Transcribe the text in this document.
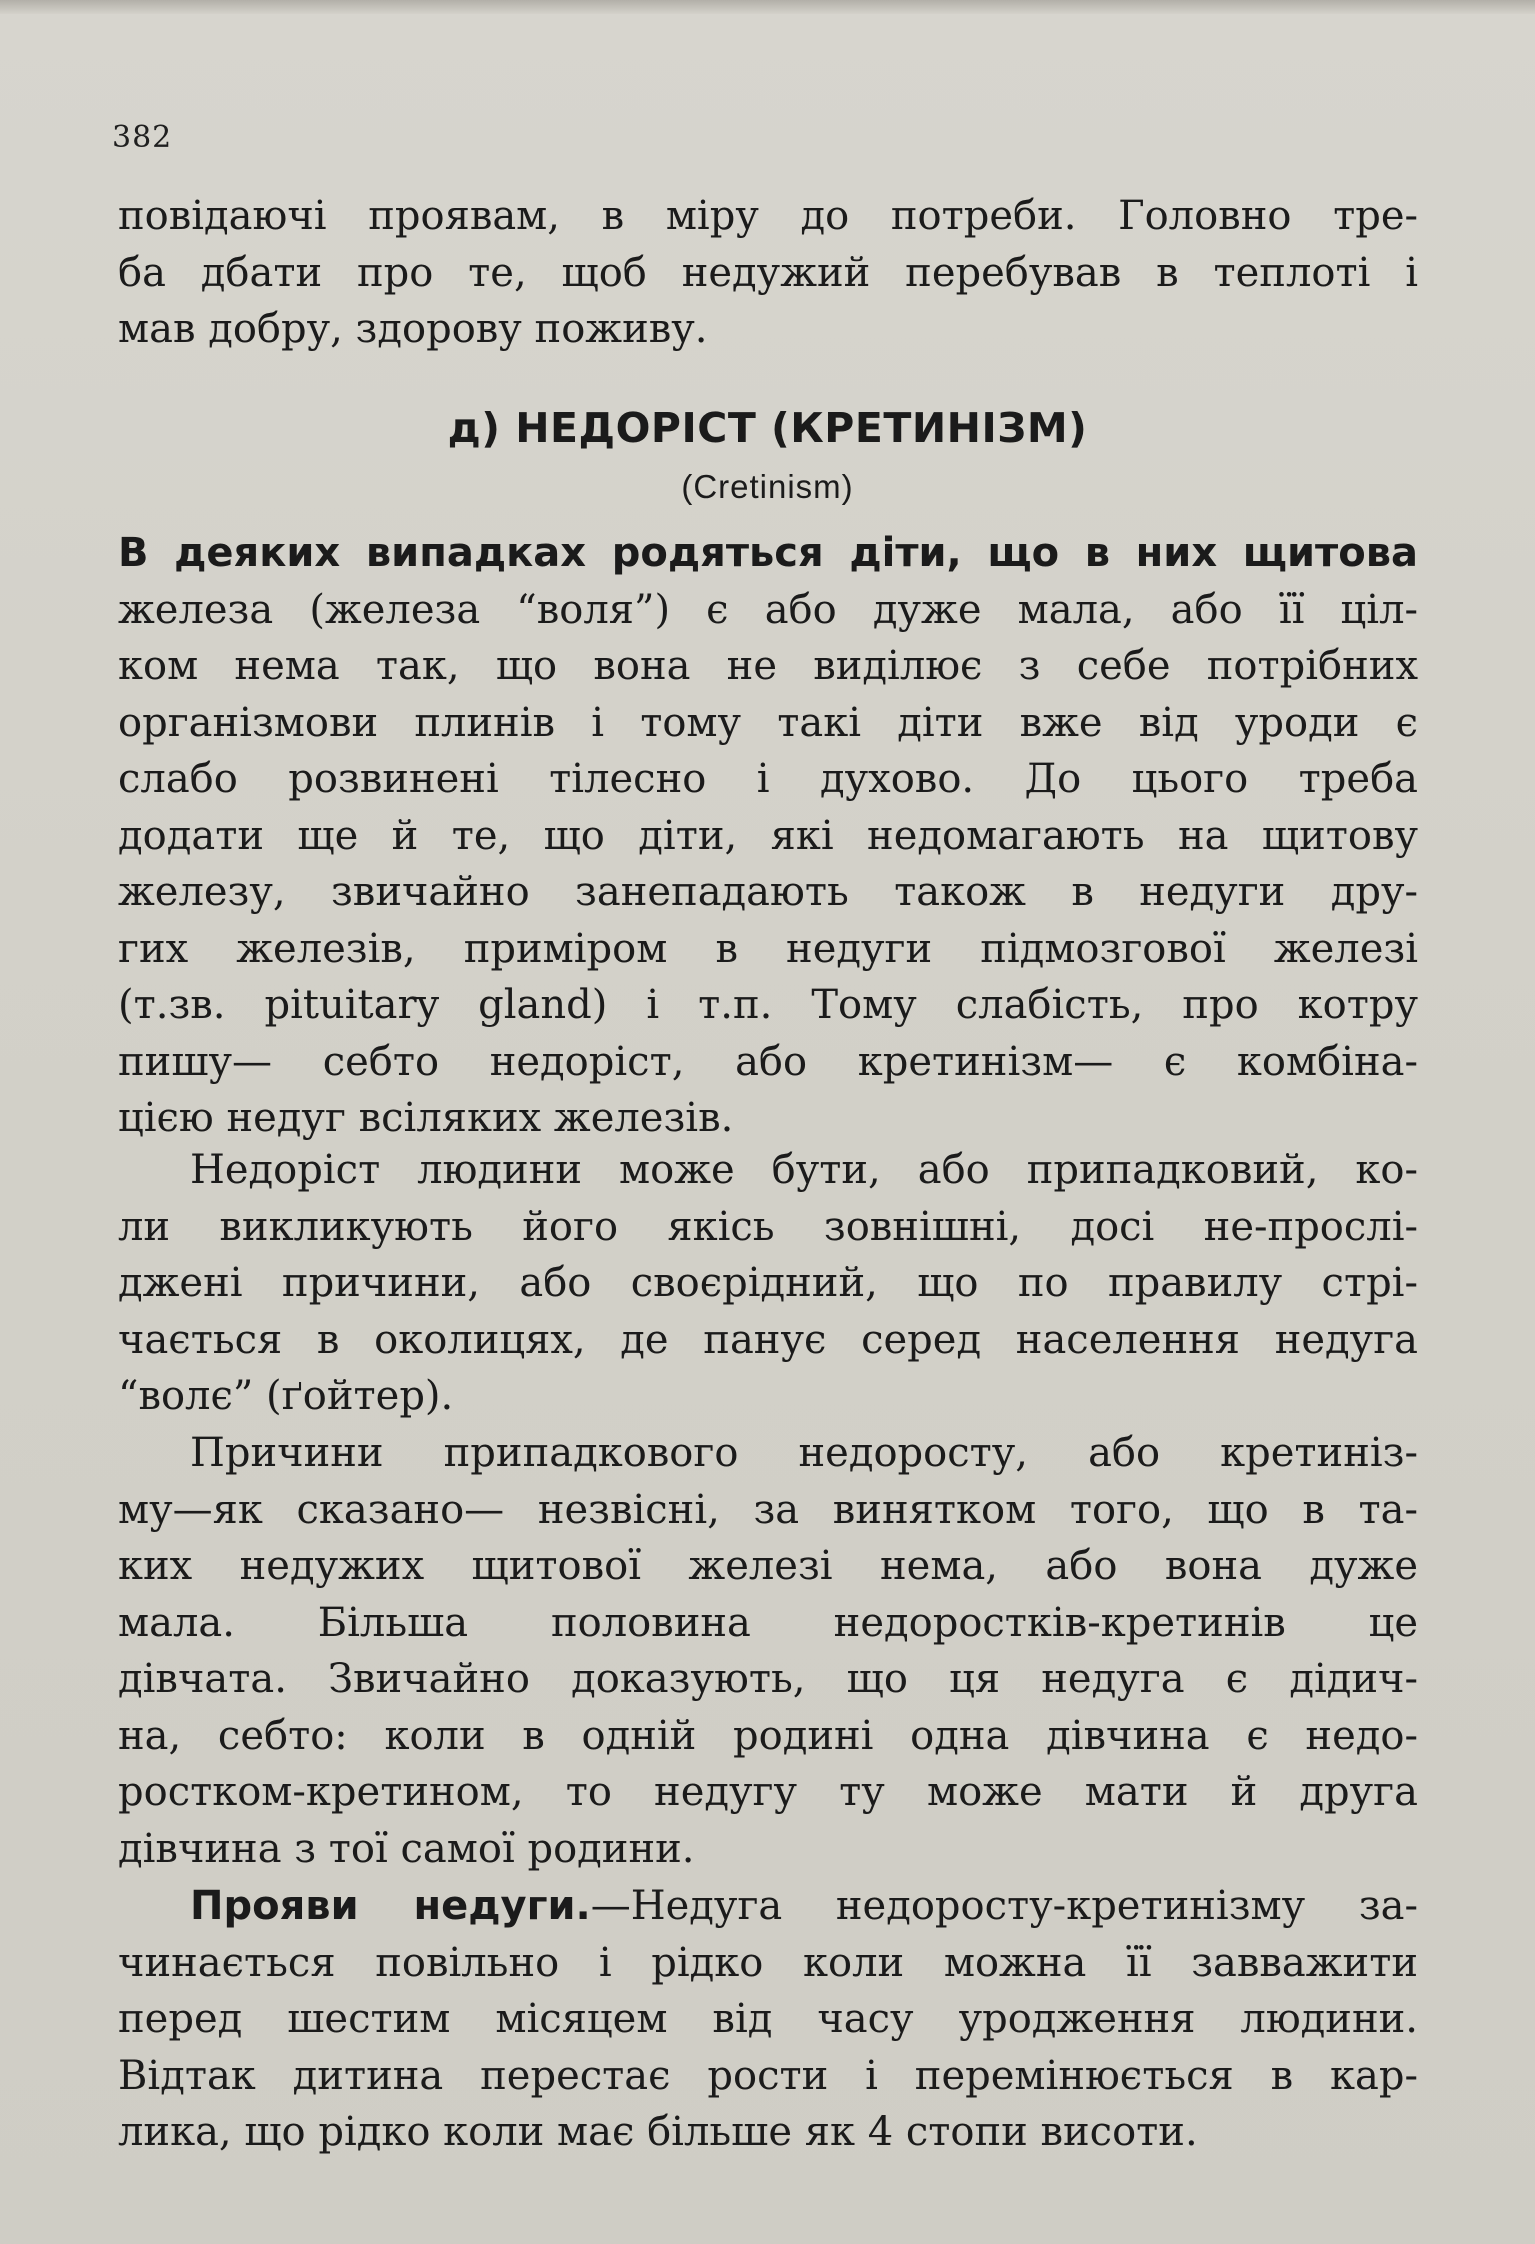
382
повідаючі проявам, в міру до потреби. Головно тре-
ба дбати про те, щоб недужий перебував в теплоті і
мав добру, здорову поживу.
д) НЕДОРІСТ (КРЕТИНІЗМ)
(Cretinism)
В деяких випадках родяться діти, що в них щитова
железа (железа “воля”) є або дуже мала, або її ціл-
ком нема так, що вона не виділює з себе потрібних
організмови плинів і тому такі діти вже від уроди є
слабо розвинені тілесно і духово. До цього треба
додати ще й те, що діти, які недомагають на щитову
железу, звичайно занепадають також в недуги дру-
гих железів, приміром в недуги підмозгової железі
(т.зв. pituitary gland) і т.п. Тому слабість, про котру
пишу— себто недоріст, або кретинізм— є комбіна-
цією недуг всіляких железів.
Недоріст людини може бути, або припадковий, ко-
ли викликують його якісь зовнішні, досі не-прослі-
джені причини, або своєрідний, що по правилу стрі-
чається в околицях, де панує серед населення недуга
“волє” (ґойтер).
Причини припадкового недоросту, або кретиніз-
му—як сказано— незвісні, за винятком того, що в та-
ких недужих щитової железі нема, або вона дуже
мала. Більша половина недоростків-кретинів це
дівчата. Звичайно доказують, що ця недуга є дідич-
на, себто: коли в одній родині одна дівчина є недо-
ростком-кретином, то недугу ту може мати й друга
дівчина з тої самої родини.
Прояви недуги.—Недуга недоросту-кретинізму за-
чинається повільно і рідко коли можна її завважити
перед шестим місяцем від часу уродження людини.
Відтак дитина перестає рости і перемінюється в кар-
лика, що рідко коли має більше як 4 стопи висоти.
